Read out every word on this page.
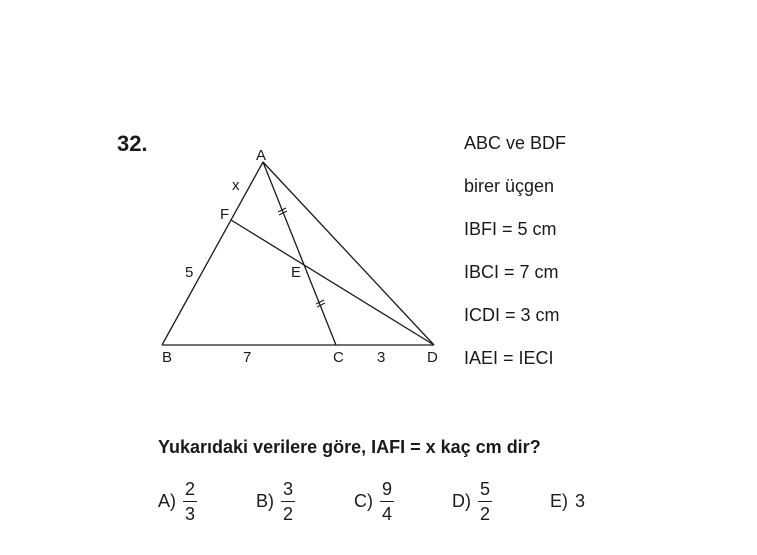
32.	A
x
F
E
5
B	7	C 3	D
ABC ve BDF
birer üçgen
IBFI = 5 cm
IBCI = 7 cm
ICDI = 3 cm
IAEI = IECI
Yukarıdaki verilere göre, IAFI = x kaç cm dir?
$A) \frac{2}{3}$	$B) \frac{3}{2}$	$C) \frac{9}{4}$	$D) \frac{5}{2}$	E) 3
